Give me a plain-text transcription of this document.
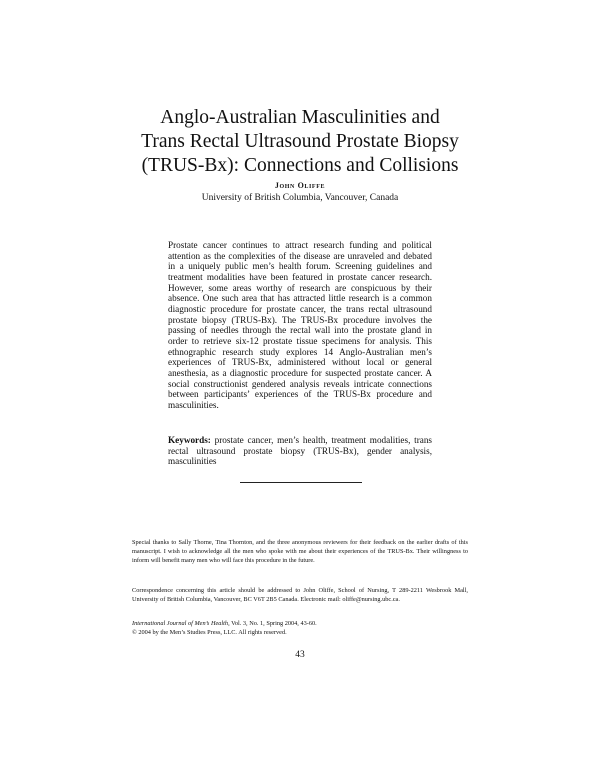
Anglo-Australian Masculinities and
Trans Rectal Ultrasound Prostate Biopsy
(TRUS-Bx): Connections and Collisions
John Oliffe
University of British Columbia, Vancouver, Canada

Prostate cancer continues to attract research funding and political attention as the complexities of the disease are unraveled and debated in a uniquely public men’s health forum. Screening guidelines and treatment modalities have been featured in prostate cancer research. However, some areas worthy of research are conspicuous by their absence. One such area that has attracted little research is a common diagnostic procedure for prostate cancer, the trans rectal ultrasound prostate biopsy (TRUS-Bx). The TRUS-Bx procedure involves the passing of needles through the rectal wall into the prostate gland in order to retrieve six-12 prostate tissue specimens for analysis. This ethnographic research study explores 14 Anglo-Australian men’s experiences of TRUS-Bx, administered without local or general anesthesia, as a diagnostic procedure for suspected prostate cancer. A social constructionist gendered analysis reveals intricate connections between participants’ experiences of the TRUS-Bx procedure and masculinities.

Keywords: prostate cancer, men’s health, treatment modalities, trans rectal ultrasound prostate biopsy (TRUS-Bx), gender analysis, masculinities

Special thanks to Sally Thorne, Tina Thornton, and the three anonymous reviewers for their feedback on the earlier drafts of this manuscript. I wish to acknowledge all the men who spoke with me about their experiences of the TRUS-Bx. Their willingness to inform will benefit many men who will face this procedure in the future.

Correspondence concerning this article should be addressed to John Oliffe, School of Nursing, T 289-2211 Wesbrook Mall, University of British Columbia, Vancouver, BC V6T 2B5 Canada. Electronic mail: oliffe@nursing.ubc.ca.

International Journal of Men’s Health, Vol. 3, No. 1, Spring 2004, 43-60.
© 2004 by the Men’s Studies Press, LLC. All rights reserved.
43
